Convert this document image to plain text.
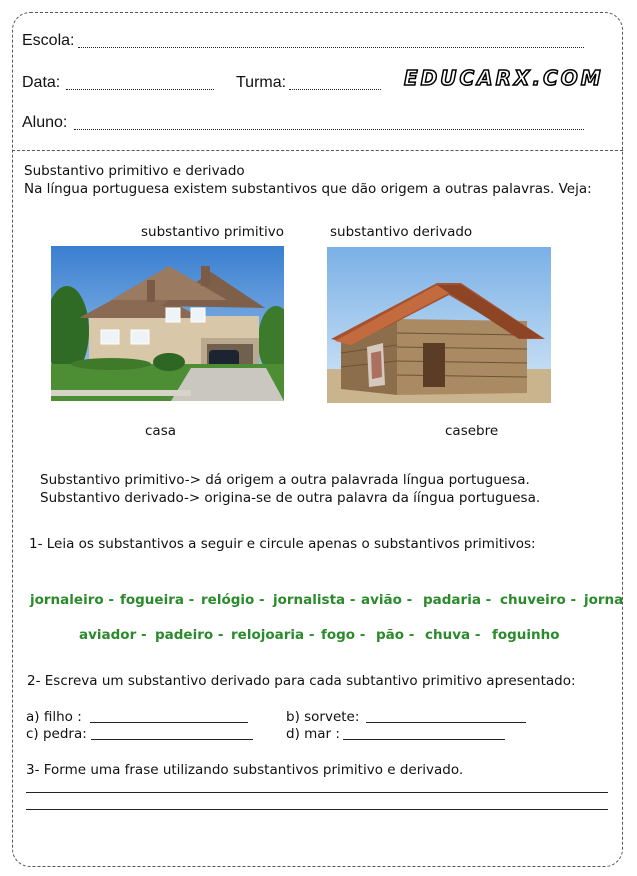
Escola:
Data:	Turma:	EDUCARX.COM
Aluno:
Substantivo primitivo e derivado
Na língua portuguesa existem substantivos que dão origem a outras palavras. Veja:
substantivo primitivo	substantivo derivado
casa	casebre
Substantivo primitivo-> dá origem a outra palavrada língua portuguesa.
Substantivo derivado-> origina-se de outra palavra da ííngua portuguesa.
1- Leia os substantivos a seguir e circule apenas o substantivos primitivos:
jornaleiro - fogueira - relógio - jornalista - avião - padaria - chuveiro - jorna
aviador - padeiro - relojoaria - fogo - pão - chuva - foguinho
2- Escreva um substantivo derivado para cada subtantivo primitivo apresentado:
a) filho :	b) sorvete:
c) pedra:	d) mar :
3- Forme uma frase utilizando substantivos primitivo e derivado.
